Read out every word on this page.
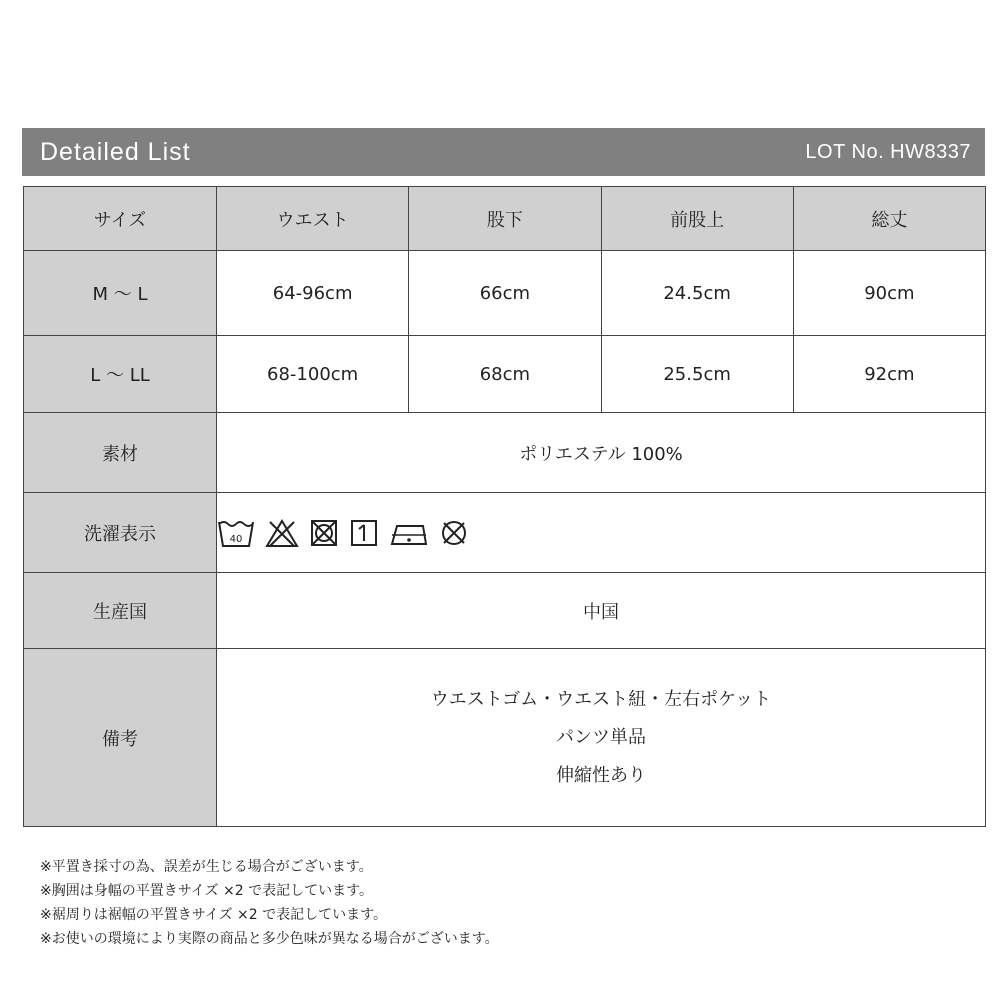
Detailed List	LOT No. HW8337
サイズ	ウエスト	股下	前股上	総丈
M ～ L	64-96cm	66cm	24.5cm	90cm
L ～ LL	68-100cm	68cm	25.5cm	92cm
素材	ポリエステル 100%			
洗濯表示	40			

生産国	中国			
備考	ウエストゴム・ウエスト紐・左右ポケット
パンツ単品
伸縮性あり			
※平置き採寸の為、誤差が生じる場合がございます。
※胸囲は身幅の平置きサイズ ×2 で表記しています。
※裾周りは裾幅の平置きサイズ ×2 で表記しています。
※お使いの環境により実際の商品と多少色味が異なる場合がございます。
